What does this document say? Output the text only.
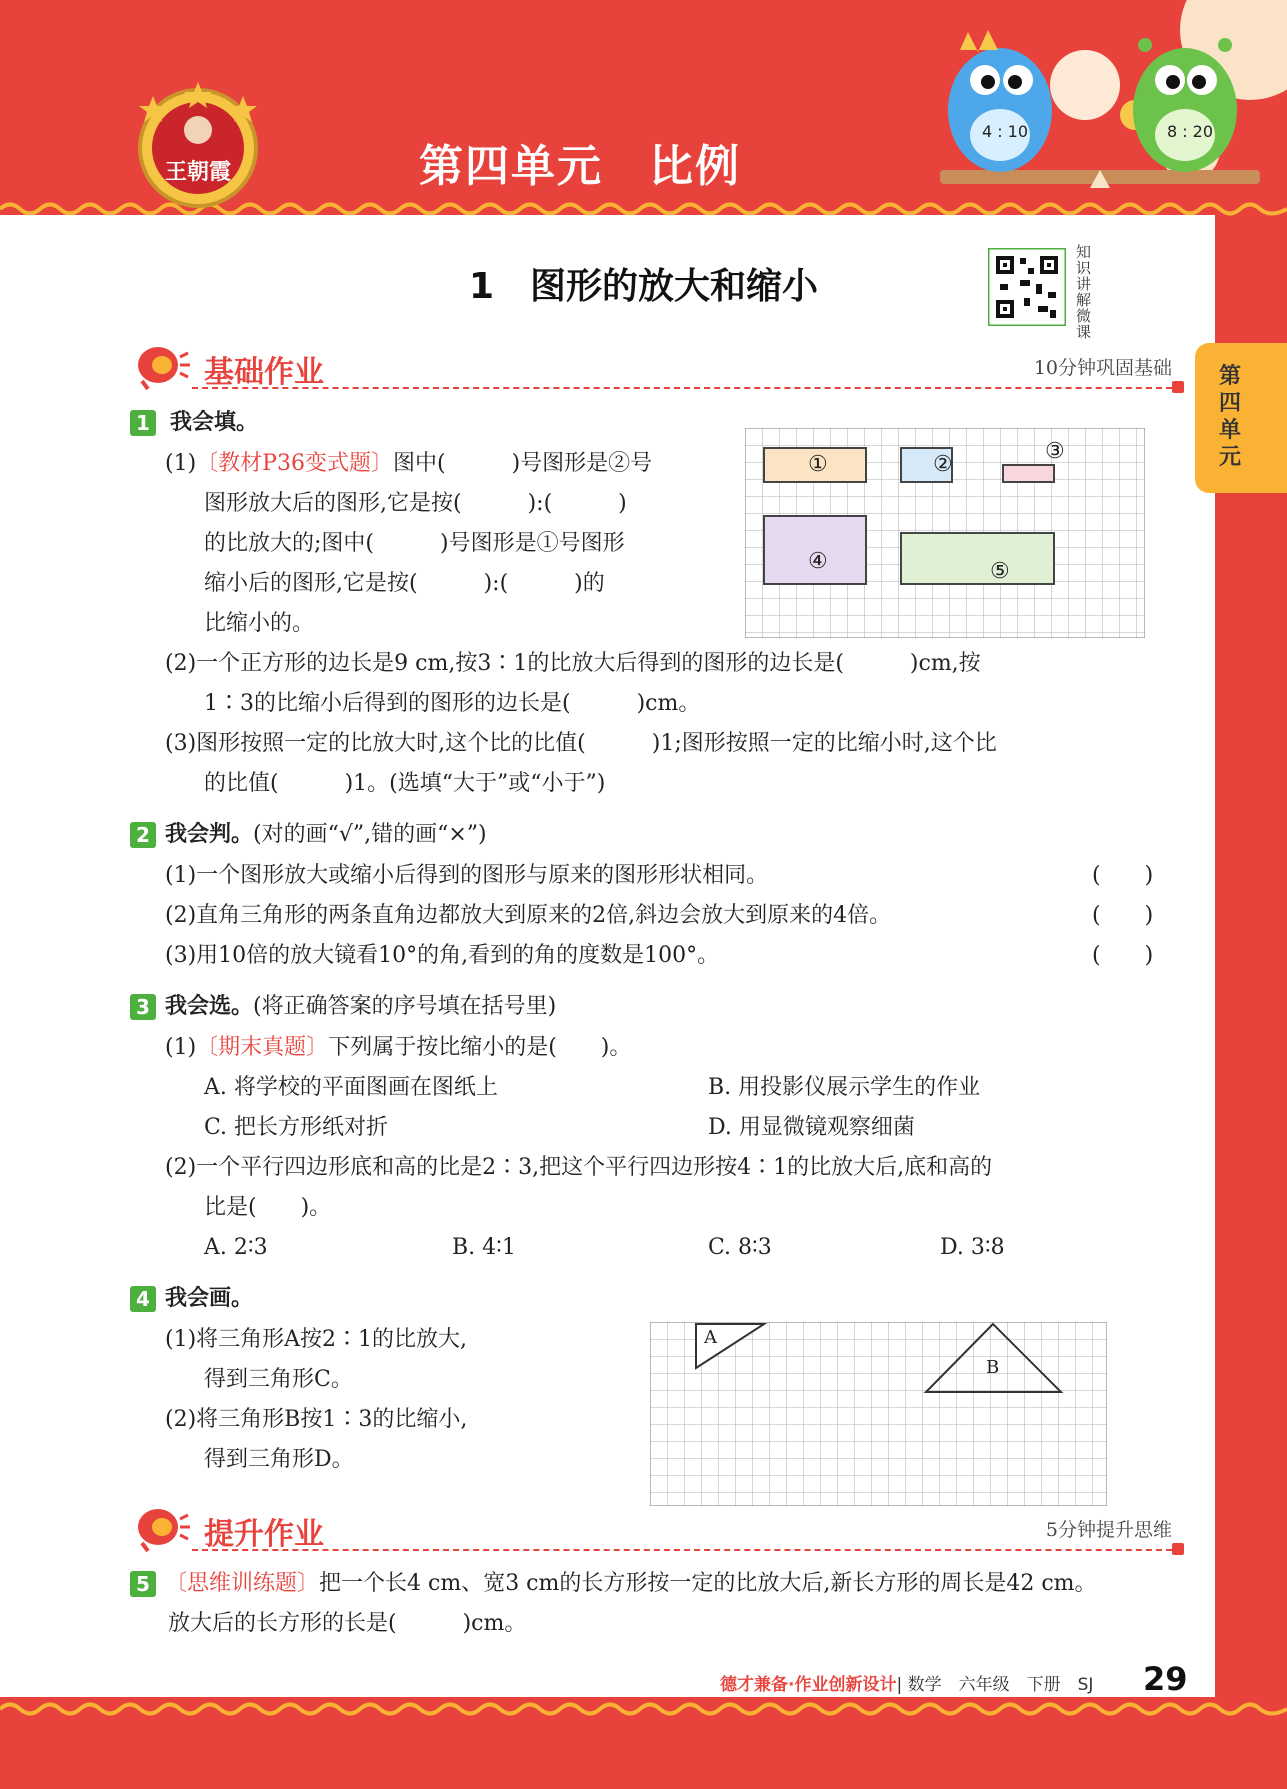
王朝霞	第四单元　比例
4 : 10	8 : 20
1　图形的放大和缩小
知识讲解微课
第四单元
基础作业	10分钟巩固基础
1 我会填。
(1)〔教材P36变式题〕图中(　　　)号图形是②号
图形放大后的图形,它是按(　　　):(　　　)
的比放大的;图中(　　　)号图形是①号图形
缩小后的图形,它是按(　　　):(　　　)的
比缩小的。
①	②
③
④	⑤
(2)一个正方形的边长是9 cm,按3∶1的比放大后得到的图形的边长是(　　　)cm,按
1∶3的比缩小后得到的图形的边长是(　　　)cm。
(3)图形按照一定的比放大时,这个比的比值(　　　)1;图形按照一定的比缩小时,这个比
的比值(　　　)1。(选填“大于”或“小于”)
2 我会判。(对的画“√”,错的画“×”)
(1)一个图形放大或缩小后得到的图形与原来的图形形状相同。	(　　)
(2)直角三角形的两条直角边都放大到原来的2倍,斜边会放大到原来的4倍。	(　　)
(3)用10倍的放大镜看10°的角,看到的角的度数是100°。	(　　)
3 我会选。(将正确答案的序号填在括号里)
(1)〔期末真题〕下列属于按比缩小的是(　　)。
A. 将学校的平面图画在图纸上	B. 用投影仪展示学生的作业
C. 把长方形纸对折	D. 用显微镜观察细菌
(2)一个平行四边形底和高的比是2∶3,把这个平行四边形按4∶1的比放大后,底和高的
比是(　　)。
A. 2∶3	B. 4∶1	C. 8∶3	D. 3∶8
4 我会画。
(1)将三角形A按2∶1的比放大,
得到三角形C。
(2)将三角形B按1∶3的比缩小,
得到三角形D。
A
B
提升作业	5分钟提升思维
5 〔思维训练题〕把一个长4 cm、宽3 cm的长方形按一定的比放大后,新长方形的周长是42 cm。
放大后的长方形的长是(　　　)cm。
德才兼备·作业创新设计| 数学　六年级　下册　SJ 29
